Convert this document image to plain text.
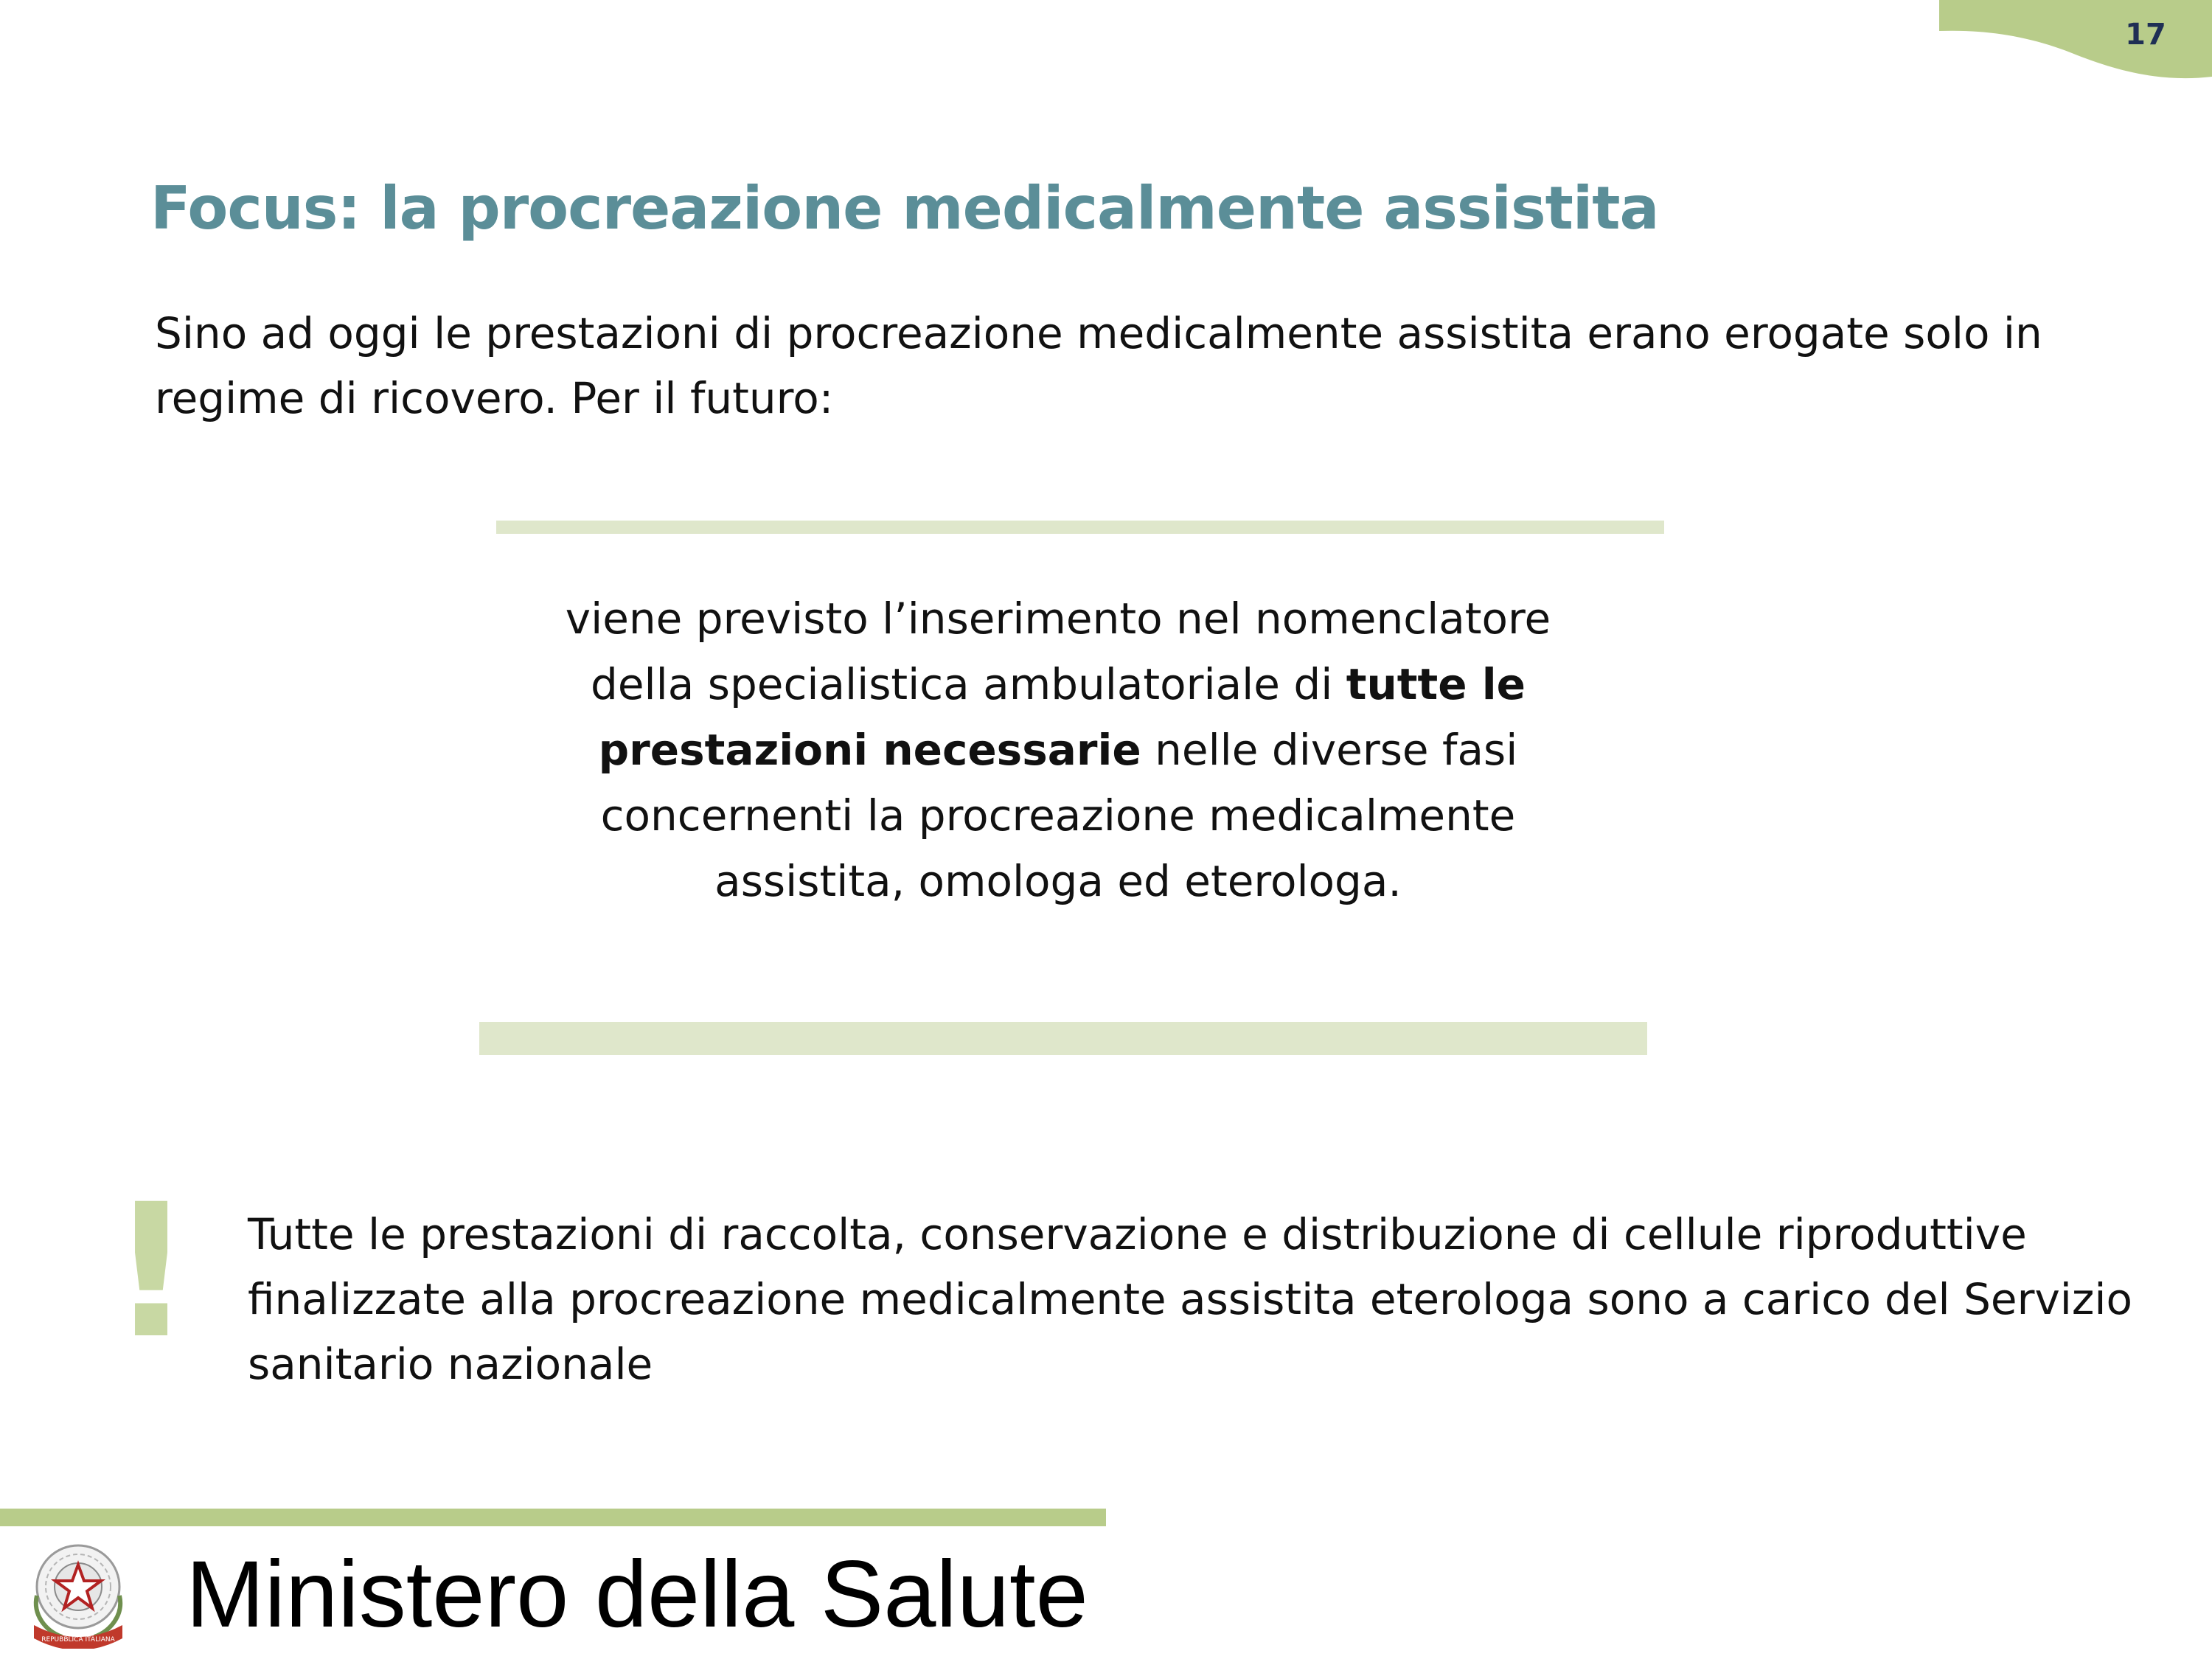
17
Focus: la procreazione medicalmente assistita

Sino ad oggi le prestazioni di procreazione medicalmente assistita erano erogate solo in regime di ricovero. Per il futuro:

viene previsto l’inserimento nel nomenclatore della specialistica ambulatoriale di tutte le prestazioni necessarie nelle diverse fasi concernenti la procreazione medicalmente assistita, omologa ed eterologa.

! Tutte le prestazioni di raccolta, conservazione e distribuzione di cellule riproduttive finalizzate alla procreazione medicalmente assistita eterologa sono a carico del Servizio sanitario nazionale

REPUBBLICA ITALIANA Ministero della Salute
